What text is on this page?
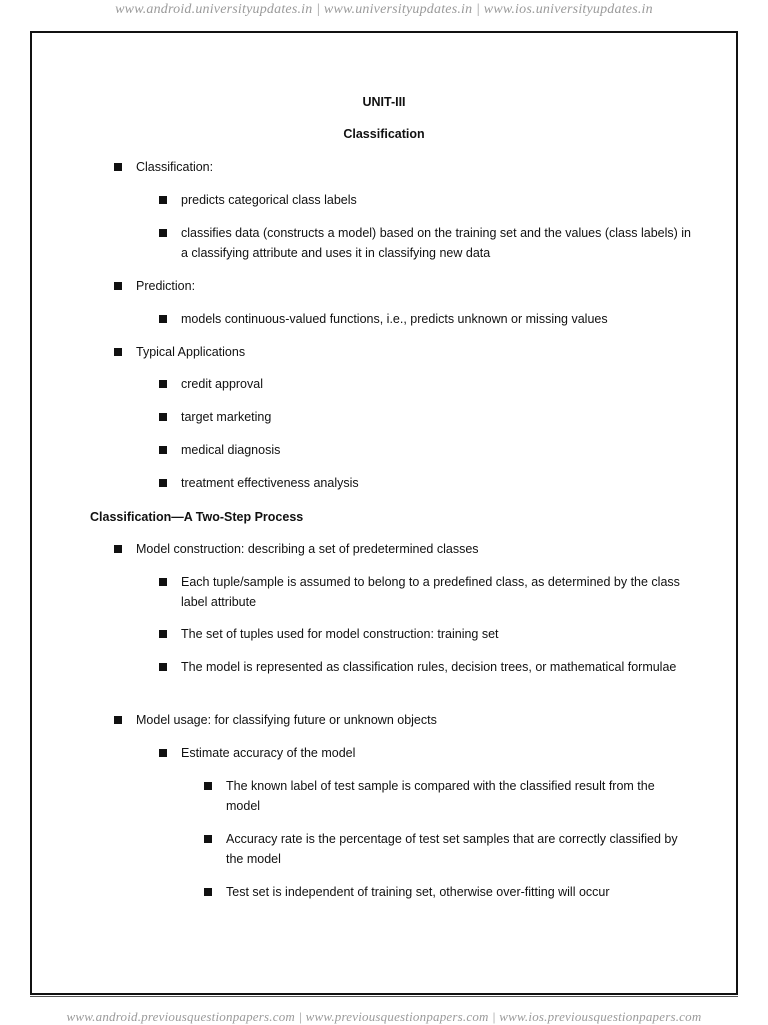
www.android.universityupdates.in | www.universityupdates.in | www.ios.universityupdates.in
UNIT-III
Classification
Classification:
predicts categorical class labels
classifies data (constructs a model) based on the training set and the values (class labels) in a classifying attribute and uses it in classifying new data
Prediction:
models continuous-valued functions, i.e., predicts unknown or missing values
Typical Applications
credit approval
target marketing
medical diagnosis
treatment effectiveness analysis
Classification—A Two-Step Process
Model construction: describing a set of predetermined classes
Each tuple/sample is assumed to belong to a predefined class, as determined by the class label attribute
The set of tuples used for model construction: training set
The model is represented as classification rules, decision trees, or mathematical formulae
Model usage: for classifying future or unknown objects
Estimate accuracy of the model
The known label of test sample is compared with the classified result from the model
Accuracy rate is the percentage of test set samples that are correctly classified by the model
Test set is independent of training set, otherwise over-fitting will occur
www.android.previousquestionpapers.com | www.previousquestionpapers.com | www.ios.previousquestionpapers.com
